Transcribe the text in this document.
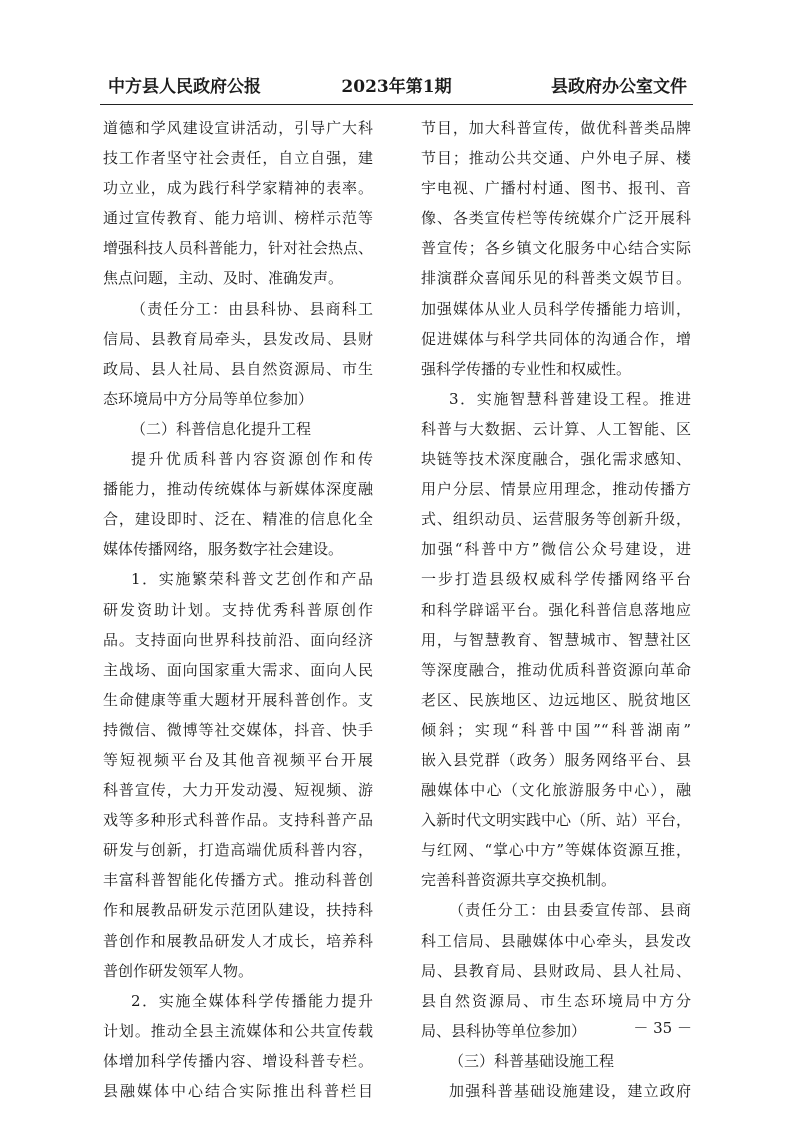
中方县人民政府公报	2023年第1期	县政府办公室文件
道德和学风建设宣讲活动，引导广大科
技工作者坚守社会责任，自立自强，建
功立业，成为践行科学家精神的表率。
通过宣传教育、能力培训、榜样示范等
增强科技人员科普能力，针对社会热点、
焦点问题，主动、及时、准确发声。
（责任分工：由县科协、县商科工
信局、县教育局牵头，县发改局、县财
政局、县人社局、县自然资源局、市生
态环境局中方分局等单位参加）
（二）科普信息化提升工程
提升优质科普内容资源创作和传
播能力，推动传统媒体与新媒体深度融
合，建设即时、泛在、精准的信息化全
媒体传播网络，服务数字社会建设。
1．实施繁荣科普文艺创作和产品
研发资助计划。支持优秀科普原创作
品。支持面向世界科技前沿、面向经济
主战场、面向国家重大需求、面向人民
生命健康等重大题材开展科普创作。支
持微信、微博等社交媒体，抖音、快手
等短视频平台及其他音视频平台开展
科普宣传，大力开发动漫、短视频、游
戏等多种形式科普作品。支持科普产品
研发与创新，打造高端优质科普内容，
丰富科普智能化传播方式。推动科普创
作和展教品研发示范团队建设，扶持科
普创作和展教品研发人才成长，培养科
普创作研发领军人物。
2．实施全媒体科学传播能力提升
计划。推动全县主流媒体和公共宣传载
体增加科学传播内容、增设科普专栏。
县融媒体中心结合实际推出科普栏目
节目，加大科普宣传，做优科普类品牌
节目；推动公共交通、户外电子屏、楼
宇电视、广播村村通、图书、报刊、音
像、各类宣传栏等传统媒介广泛开展科
普宣传；各乡镇文化服务中心结合实际
排演群众喜闻乐见的科普类文娱节目。
加强媒体从业人员科学传播能力培训，
促进媒体与科学共同体的沟通合作，增
强科学传播的专业性和权威性。
3．实施智慧科普建设工程。推进
科普与大数据、云计算、人工智能、区
块链等技术深度融合，强化需求感知、
用户分层、情景应用理念，推动传播方
式、组织动员、运营服务等创新升级，
加强“科普中方”微信公众号建设，进
一步打造县级权威科学传播网络平台
和科学辟谣平台。强化科普信息落地应
用，与智慧教育、智慧城市、智慧社区
等深度融合，推动优质科普资源向革命
老区、民族地区、边远地区、脱贫地区
倾斜；实现“科普中国”“科普湖南”
嵌入县党群（政务）服务网络平台、县
融媒体中心（文化旅游服务中心），融
入新时代文明实践中心（所、站）平台，
与红网、“掌心中方”等媒体资源互推，
完善科普资源共享交换机制。
（责任分工：由县委宣传部、县商
科工信局、县融媒体中心牵头，县发改
局、县教育局、县财政局、县人社局、
县自然资源局、市生态环境局中方分
局、县科协等单位参加）
（三）科普基础设施工程
加强科普基础设施建设，建立政府
－ 35 －
